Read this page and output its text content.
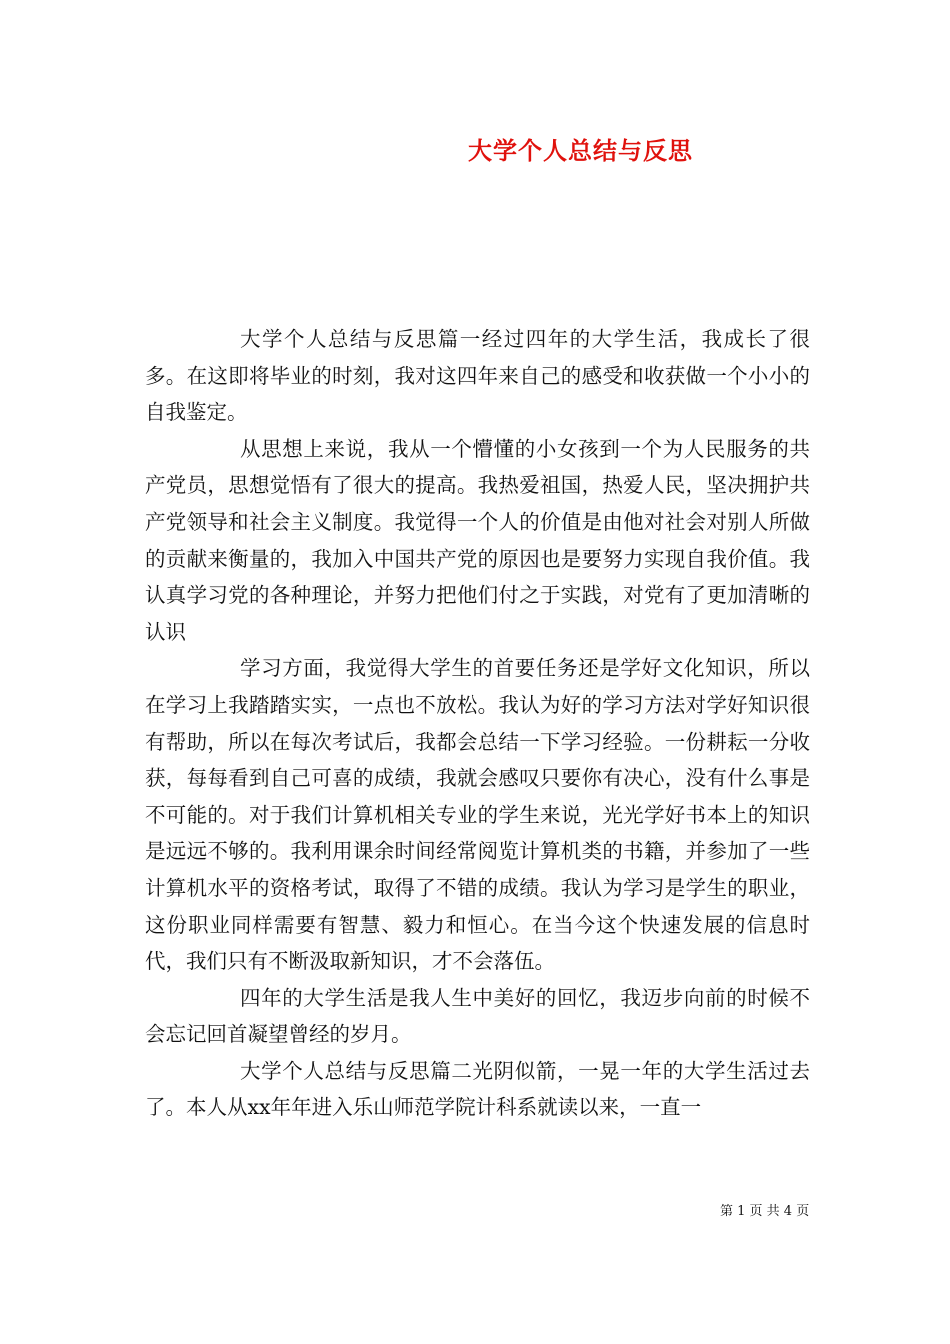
大学个人总结与反思

大学个人总结与反思篇一经过四年的大学生活，我成长了很多。在这即将毕业的时刻，我对这四年来自己的感受和收获做一个小小的自我鉴定。

从思想上来说，我从一个懵懂的小女孩到一个为人民服务的共产党员，思想觉悟有了很大的提高。我热爱祖国，热爱人民，坚决拥护共产党领导和社会主义制度。我觉得一个人的价值是由他对社会对别人所做的贡献来衡量的，我加入中国共产党的原因也是要努力实现自我价值。我认真学习党的各种理论，并努力把他们付之于实践，对党有了更加清晰的认识

学习方面，我觉得大学生的首要任务还是学好文化知识，所以在学习上我踏踏实实，一点也不放松。我认为好的学习方法对学好知识很有帮助，所以在每次考试后，我都会总结一下学习经验。一份耕耘一分收获，每每看到自己可喜的成绩，我就会感叹只要你有决心，没有什么事是不可能的。对于我们计算机相关专业的学生来说，光光学好书本上的知识是远远不够的。我利用课余时间经常阅览计算机类的书籍，并参加了一些计算机水平的资格考试，取得了不错的成绩。我认为学习是学生的职业，这份职业同样需要有智慧、毅力和恒心。在当今这个快速发展的信息时代，我们只有不断汲取新知识，才不会落伍。

四年的大学生活是我人生中美好的回忆，我迈步向前的时候不会忘记回首凝望曾经的岁月。

大学个人总结与反思篇二光阴似箭，一晃一年的大学生活过去了。本人从xx年年进入乐山师范学院计科系就读以来，一直一

第 1 页 共 4 页
